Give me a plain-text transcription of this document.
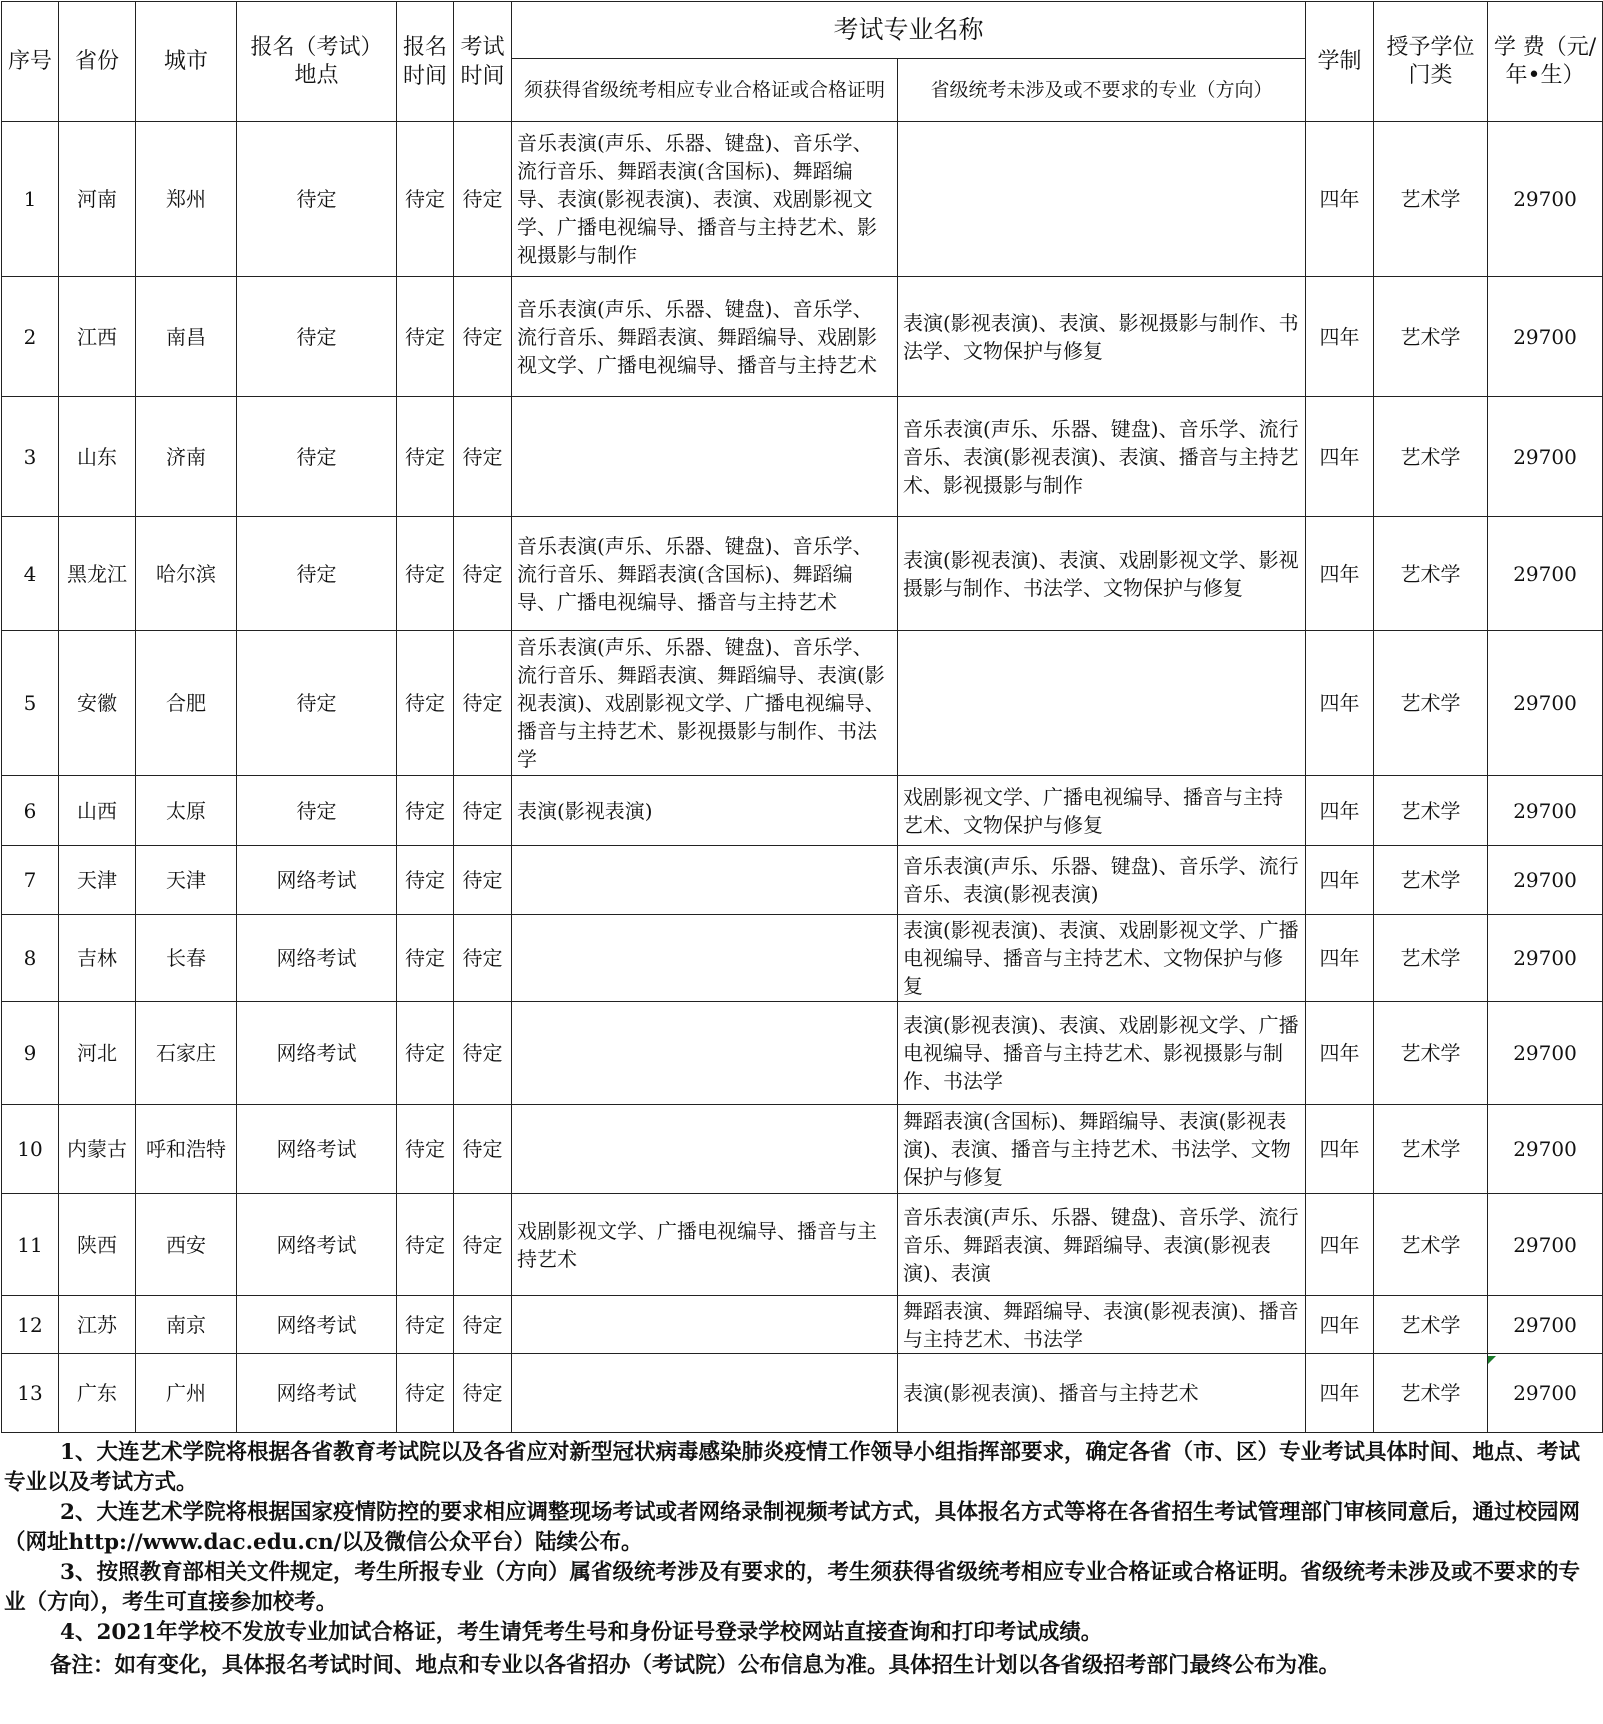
序号	省份	城市	报名（考试）地点	报名时间	考试时间	考试专业名称		学制	授予学位门类	学 费（元/年•生）
						须获得省级统考相应专业合格证或合格证明	省级统考未涉及或不要求的专业（方向）			
1	河南	郑州	待定	待定	待定	音乐表演(声乐、乐器、键盘)、音乐学、流行音乐、舞蹈表演(含国标)、舞蹈编导、表演(影视表演)、表演、戏剧影视文学、广播电视编导、播音与主持艺术、影视摄影与制作		四年	艺术学	29700
2	江西	南昌	待定	待定	待定	音乐表演(声乐、乐器、键盘)、音乐学、流行音乐、舞蹈表演、舞蹈编导、戏剧影视文学、广播电视编导、播音与主持艺术	表演(影视表演)、表演、影视摄影与制作、书法学、文物保护与修复	四年	艺术学	29700
3	山东	济南	待定	待定	待定		音乐表演(声乐、乐器、键盘)、音乐学、流行音乐、表演(影视表演)、表演、播音与主持艺术、影视摄影与制作	四年	艺术学	29700
4	黑龙江	哈尔滨	待定	待定	待定	音乐表演(声乐、乐器、键盘)、音乐学、流行音乐、舞蹈表演(含国标)、舞蹈编导、广播电视编导、播音与主持艺术	表演(影视表演)、表演、戏剧影视文学、影视摄影与制作、书法学、文物保护与修复	四年	艺术学	29700
5	安徽	合肥	待定	待定	待定	音乐表演(声乐、乐器、键盘)、音乐学、流行音乐、舞蹈表演、舞蹈编导、表演(影视表演)、戏剧影视文学、广播电视编导、播音与主持艺术、影视摄影与制作、书法学		四年	艺术学	29700
6	山西	太原	待定	待定	待定	表演(影视表演)	戏剧影视文学、广播电视编导、播音与主持艺术、文物保护与修复	四年	艺术学	29700
7	天津	天津	网络考试	待定	待定		音乐表演(声乐、乐器、键盘)、音乐学、流行音乐、表演(影视表演)	四年	艺术学	29700
8	吉林	长春	网络考试	待定	待定		表演(影视表演)、表演、戏剧影视文学、广播电视编导、播音与主持艺术、文物保护与修复	四年	艺术学	29700
9	河北	石家庄	网络考试	待定	待定		表演(影视表演)、表演、戏剧影视文学、广播电视编导、播音与主持艺术、影视摄影与制作、书法学	四年	艺术学	29700
10	内蒙古	呼和浩特	网络考试	待定	待定		舞蹈表演(含国标)、舞蹈编导、表演(影视表演)、表演、播音与主持艺术、书法学、文物保护与修复	四年	艺术学	29700
11	陕西	西安	网络考试	待定	待定	戏剧影视文学、广播电视编导、播音与主持艺术	音乐表演(声乐、乐器、键盘)、音乐学、流行音乐、舞蹈表演、舞蹈编导、表演(影视表演)、表演	四年	艺术学	29700
12	江苏	南京	网络考试	待定	待定		舞蹈表演、舞蹈编导、表演(影视表演)、播音与主持艺术、书法学	四年	艺术学	29700
13	广东	广州	网络考试	待定	待定		表演(影视表演)、播音与主持艺术	四年	艺术学	29700

1、大连艺术学院将根据各省教育考试院以及各省应对新型冠状病毒感染肺炎疫情工作领导小组指挥部要求，确定各省（市、区）专业考试具体时间、地点、考试专业以及考试方式。

2、大连艺术学院将根据国家疫情防控的要求相应调整现场考试或者网络录制视频考试方式，具体报名方式等将在各省招生考试管理部门审核同意后，通过校园网（网址http://www.dac.edu.cn/以及微信公众平台）陆续公布。

3、按照教育部相关文件规定，考生所报专业（方向）属省级统考涉及有要求的，考生须获得省级统考相应专业合格证或合格证明。省级统考未涉及或不要求的专业（方向），考生可直接参加校考。

4、2021年学校不发放专业加试合格证，考生请凭考生号和身份证号登录学校网站直接查询和打印考试成绩。

备注：如有变化，具体报名考试时间、地点和专业以各省招办（考试院）公布信息为准。具体招生计划以各省级招考部门最终公布为准。
